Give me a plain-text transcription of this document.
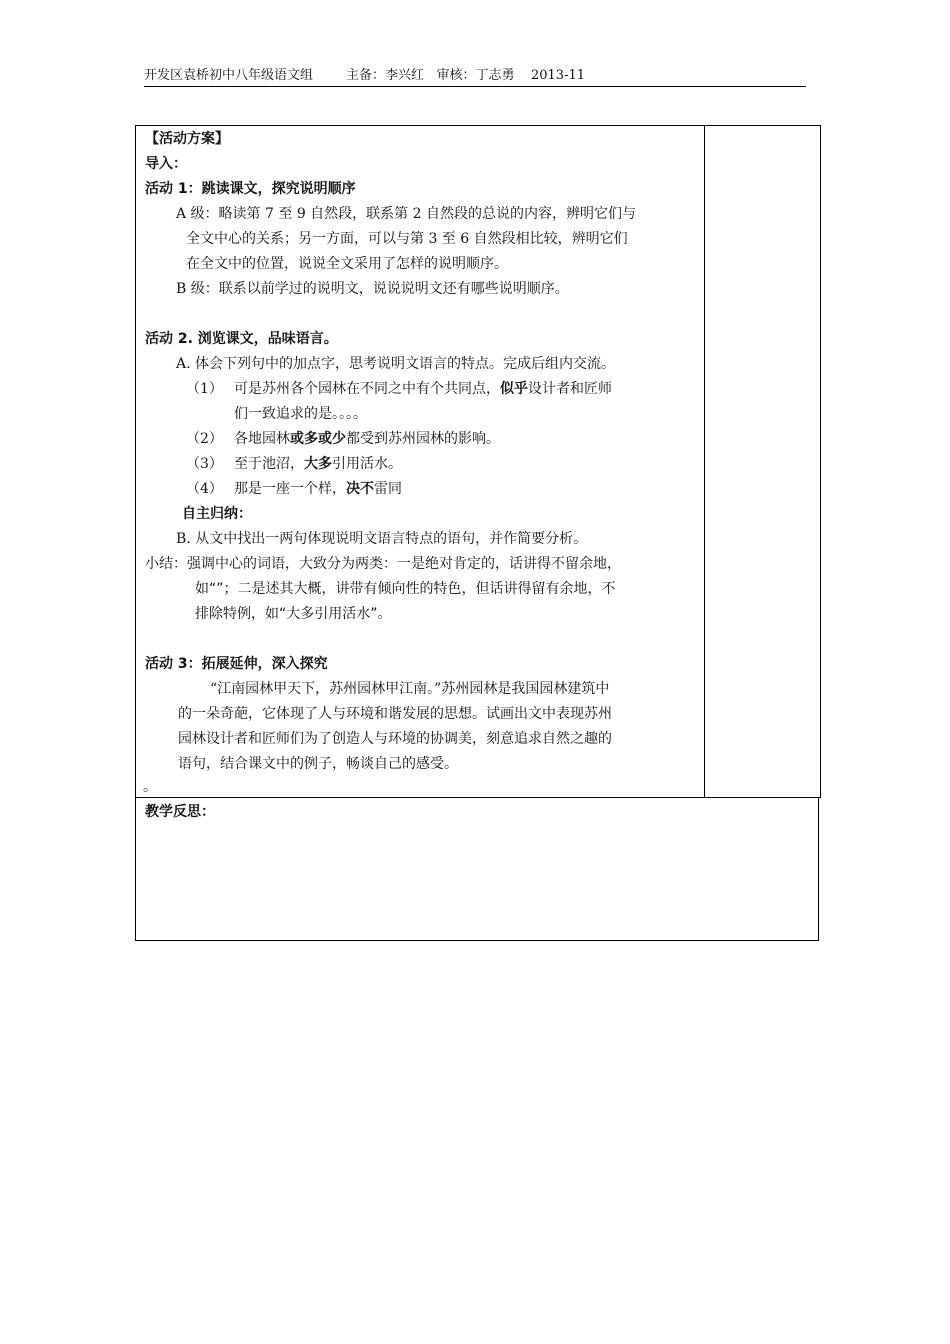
开发区袁桥初中八年级语文组        主备：李兴红   审核：丁志勇    2013-11
【活动方案】
导入：
活动 1：跳读课文，探究说明顺序
A 级：略读第 7 至 9 自然段，联系第 2 自然段的总说的内容，辨明它们与
全文中心的关系；另一方面，可以与第 3 至 6 自然段相比较，辨明它们
在全文中的位置，说说全文采用了怎样的说明顺序。
B 级：联系以前学过的说明文，说说说明文还有哪些说明顺序。
活动 2. 浏览课文，品味语言。
A. 体会下列句中的加点字，思考说明文语言的特点。完成后组内交流。
（1） 可是苏州各个园林在不同之中有个共同点，似乎设计者和匠师
们一致追求的是。。。。
（2） 各地园林或多或少都受到苏州园林的影响。
（3） 至于池沼，大多引用活水。
（4） 那是一座一个样，决不雷同
自主归纳：
B. 从文中找出一两句体现说明文语言特点的语句，并作简要分析。
小结：强调中心的词语，大致分为两类：一是绝对肯定的，话讲得不留余地，
如“”；二是述其大概，讲带有倾向性的特色，但话讲得留有余地，不
排除特例，如“大多引用活水”。
活动 3：拓展延伸，深入探究
“江南园林甲天下，苏州园林甲江南。”苏州园林是我国园林建筑中
的一朵奇葩，它体现了人与环境和谐发展的思想。试画出文中表现苏州
园林设计者和匠师们为了创造人与环境的协调美，刻意追求自然之趣的
语句，结合课文中的例子，畅谈自己的感受。
。
教学反思：
